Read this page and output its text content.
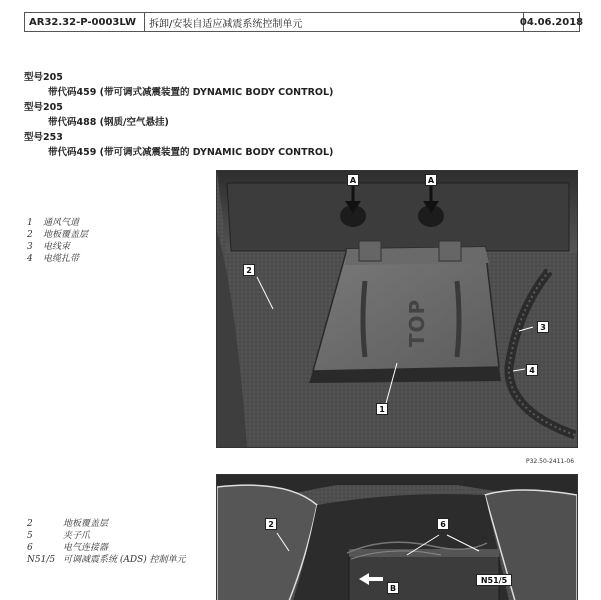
AR32.32-P-0003LW	拆卸/安装自适应减震系统控制单元	04.06.2018
型号205
带代码459 (带可调式减震装置的 DYNAMIC BODY CONTROL)
型号205
带代码488 (钢质/空气悬挂)
型号253
带代码459 (带可调式减震装置的 DYNAMIC BODY CONTROL)
1	通风气道
2	地板覆盖层
3	电线束
4	电缆扎带
TOP
A	A
2
1
3
4
P32.50-2411-06
2	地板覆盖层
5	夹子爪
6	电气连接器
N51/5 可调减震系统 (ADS) 控制单元
2	6
B
N51/5
